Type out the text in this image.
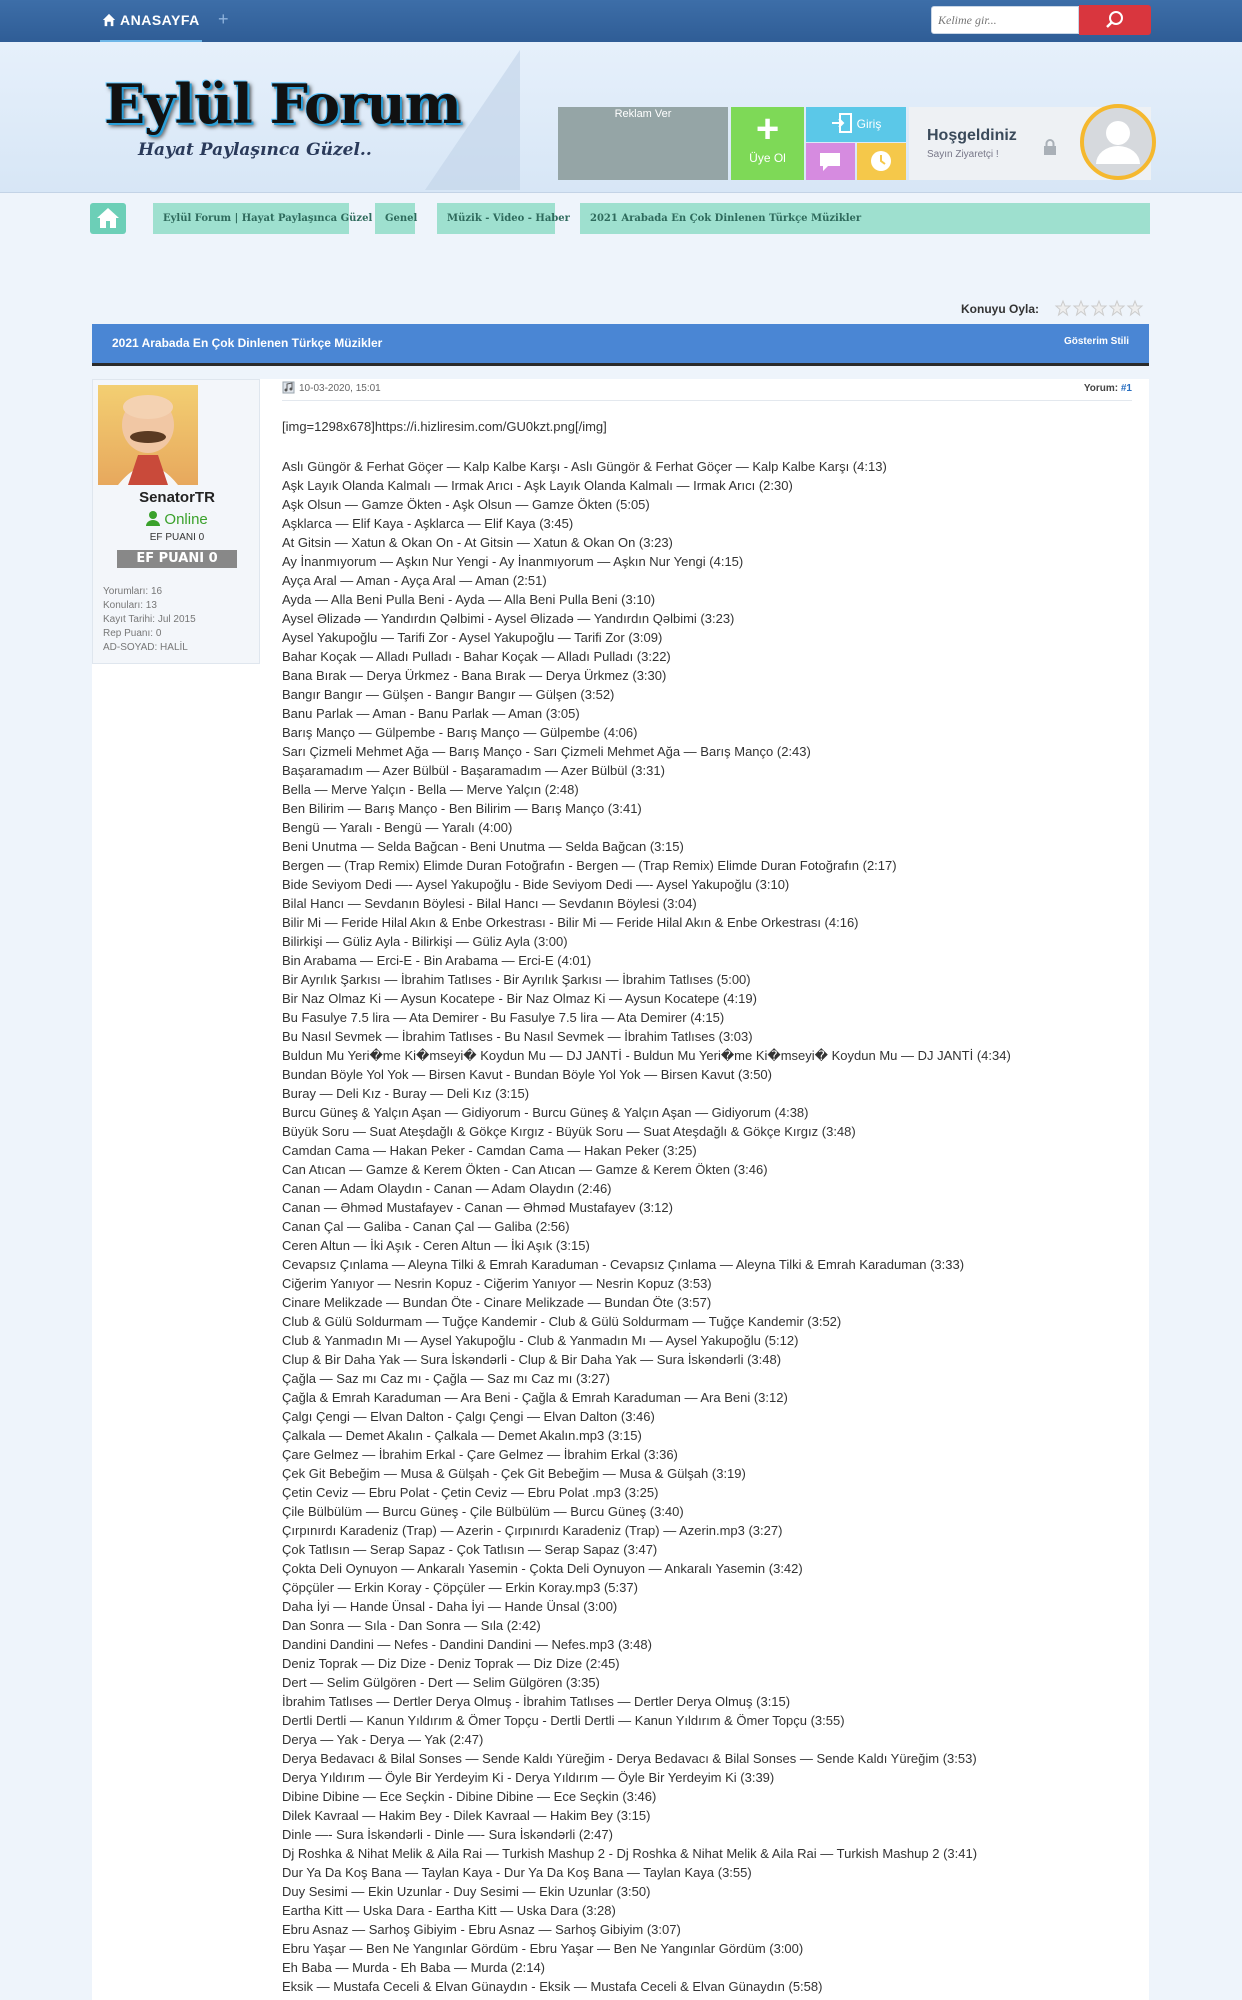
ANASAYFA +
Kelime gir...
Eylül Forum
Hayat Paylaşınca Güzel..
Reklam Ver	+
Üye Ol
Giriş
Hoşgeldiniz
Sayın Ziyaretçi !
Eylül Forum | Hayat Paylaşınca Güzel	Genel	Müzik - Video - Haber	2021 Arabada En Çok Dinlenen Türkçe Müzikler
Konuyu Oyla:
2021 Arabada En Çok Dinlenen Türkçe Müzikler	Gösterim Stili
SenatorTR
Online
EF PUANI 0
EF PUANI 0
Yorumları: 16
Konuları: 13
Kayıt Tarihi: Jul 2015
Rep Puanı: 0
AD-SOYAD: HALİL
10-03-2020, 15:01	Yorum: #1
[img=1298x678]https://i.hizliresim.com/GU0kzt.png[/img]
Aslı Güngör & Ferhat Göçer — Kalp Kalbe Karşı - Aslı Güngör & Ferhat Göçer — Kalp Kalbe Karşı (4:13)
Aşk Layık Olanda Kalmalı — Irmak Arıcı - Aşk Layık Olanda Kalmalı — Irmak Arıcı (2:30)
Aşk Olsun — Gamze Ökten - Aşk Olsun — Gamze Ökten (5:05)
Aşklarca — Elif Kaya - Aşklarca — Elif Kaya (3:45)
At Gitsin — Xatun & Okan On - At Gitsin — Xatun & Okan On (3:23)
Ay İnanmıyorum — Aşkın Nur Yengi - Ay İnanmıyorum — Aşkın Nur Yengi (4:15)
Ayça Aral — Aman - Ayça Aral — Aman (2:51)
Ayda — Alla Beni Pulla Beni - Ayda — Alla Beni Pulla Beni (3:10)
Aysel Əlizadə — Yandırdın Qəlbimi - Aysel Əlizadə — Yandırdın Qəlbimi (3:23)
Aysel Yakupoğlu — Tarifi Zor - Aysel Yakupoğlu — Tarifi Zor (3:09)
Bahar Koçak — Alladı Pulladı - Bahar Koçak — Alladı Pulladı (3:22)
Bana Bırak — Derya Ürkmez - Bana Bırak — Derya Ürkmez (3:30)
Bangır Bangır — Gülşen - Bangır Bangır — Gülşen (3:52)
Banu Parlak — Aman - Banu Parlak — Aman (3:05)
Barış Manço — Gülpembe - Barış Manço — Gülpembe (4:06)
Sarı Çizmeli Mehmet Ağa — Barış Manço - Sarı Çizmeli Mehmet Ağa — Barış Manço (2:43)
Başaramadım — Azer Bülbül - Başaramadım — Azer Bülbül (3:31)
Bella — Merve Yalçın - Bella — Merve Yalçın (2:48)
Ben Bilirim — Barış Manço - Ben Bilirim — Barış Manço (3:41)
Bengü — Yaralı - Bengü — Yaralı (4:00)
Beni Unutma — Selda Bağcan - Beni Unutma — Selda Bağcan (3:15)
Bergen — (Trap Remix) Elimde Duran Fotoğrafın - Bergen — (Trap Remix) Elimde Duran Fotoğrafın (2:17)
Bide Seviyom Dedi —- Aysel Yakupoğlu - Bide Seviyom Dedi —- Aysel Yakupoğlu (3:10)
Bilal Hancı — Sevdanın Böylesi - Bilal Hancı — Sevdanın Böylesi (3:04)
Bilir Mi — Feride Hilal Akın & Enbe Orkestrası - Bilir Mi — Feride Hilal Akın & Enbe Orkestrası (4:16)
Bilirkişi — Güliz Ayla - Bilirkişi — Güliz Ayla (3:00)
Bin Arabama — Erci-E - Bin Arabama — Erci-E (4:01)
Bir Ayrılık Şarkısı — İbrahim Tatlıses - Bir Ayrılık Şarkısı — İbrahim Tatlıses (5:00)
Bir Naz Olmaz Ki — Aysun Kocatepe - Bir Naz Olmaz Ki — Aysun Kocatepe (4:19)
Bu Fasulye 7.5 lira — Ata Demirer - Bu Fasulye 7.5 lira — Ata Demirer (4:15)
Bu Nasıl Sevmek — İbrahim Tatlıses - Bu Nasıl Sevmek — İbrahim Tatlıses (3:03)
Buldun Mu Yeri�me Ki�mseyi� Koydun Mu — DJ JANTİ - Buldun Mu Yeri�me Ki�mseyi� Koydun Mu — DJ JANTİ (4:34)
Bundan Böyle Yol Yok — Birsen Kavut - Bundan Böyle Yol Yok — Birsen Kavut (3:50)
Buray — Deli Kız - Buray — Deli Kız (3:15)
Burcu Güneş & Yalçın Aşan — Gidiyorum - Burcu Güneş & Yalçın Aşan — Gidiyorum (4:38)
Büyük Soru — Suat Ateşdağlı & Gökçe Kırgız - Büyük Soru — Suat Ateşdağlı & Gökçe Kırgız (3:48)
Camdan Cama — Hakan Peker - Camdan Cama — Hakan Peker (3:25)
Can Atıcan — Gamze & Kerem Ökten - Can Atıcan — Gamze & Kerem Ökten (3:46)
Canan — Adam Olaydın - Canan — Adam Olaydın (2:46)
Canan — Əhməd Mustafayev - Canan — Əhməd Mustafayev (3:12)
Canan Çal — Galiba - Canan Çal — Galiba (2:56)
Ceren Altun — İki Aşık - Ceren Altun — İki Aşık (3:15)
Cevapsız Çınlama — Aleyna Tilki & Emrah Karaduman - Cevapsız Çınlama — Aleyna Tilki & Emrah Karaduman (3:33)
Ciğerim Yanıyor — Nesrin Kopuz - Ciğerim Yanıyor — Nesrin Kopuz (3:53)
Cinare Melikzade — Bundan Öte - Cinare Melikzade — Bundan Öte (3:57)
Club & Gülü Soldurmam — Tuğçe Kandemir - Club & Gülü Soldurmam — Tuğçe Kandemir (3:52)
Club & Yanmadın Mı — Aysel Yakupoğlu - Club & Yanmadın Mı — Aysel Yakupoğlu (5:12)
Clup & Bir Daha Yak — Sura İskəndərli - Clup & Bir Daha Yak — Sura İskəndərli (3:48)
Çağla — Saz mı Caz mı - Çağla — Saz mı Caz mı (3:27)
Çağla & Emrah Karaduman — Ara Beni - Çağla & Emrah Karaduman — Ara Beni (3:12)
Çalgı Çengi — Elvan Dalton - Çalgı Çengi — Elvan Dalton (3:46)
Çalkala — Demet Akalın - Çalkala — Demet Akalın.mp3 (3:15)
Çare Gelmez — İbrahim Erkal - Çare Gelmez — İbrahim Erkal (3:36)
Çek Git Bebeğim — Musa & Gülşah - Çek Git Bebeğim — Musa & Gülşah (3:19)
Çetin Ceviz — Ebru Polat - Çetin Ceviz — Ebru Polat .mp3 (3:25)
Çile Bülbülüm — Burcu Güneş - Çile Bülbülüm — Burcu Güneş (3:40)
Çırpınırdı Karadeniz (Trap) — Azerin - Çırpınırdı Karadeniz (Trap) — Azerin.mp3 (3:27)
Çok Tatlısın — Serap Sapaz - Çok Tatlısın — Serap Sapaz (3:47)
Çokta Deli Oynuyon — Ankaralı Yasemin - Çokta Deli Oynuyon — Ankaralı Yasemin (3:42)
Çöpçüler — Erkin Koray - Çöpçüler — Erkin Koray.mp3 (5:37)
Daha İyi — Hande Ünsal - Daha İyi — Hande Ünsal (3:00)
Dan Sonra — Sıla - Dan Sonra — Sıla (2:42)
Dandini Dandini — Nefes - Dandini Dandini — Nefes.mp3 (3:48)
Deniz Toprak — Diz Dize - Deniz Toprak — Diz Dize (2:45)
Dert — Selim Gülgören - Dert — Selim Gülgören (3:35)
İbrahim Tatlıses — Dertler Derya Olmuş - İbrahim Tatlıses — Dertler Derya Olmuş (3:15)
Dertli Dertli — Kanun Yıldırım & Ömer Topçu - Dertli Dertli — Kanun Yıldırım & Ömer Topçu (3:55)
Derya — Yak - Derya — Yak (2:47)
Derya Bedavacı & Bilal Sonses — Sende Kaldı Yüreğim - Derya Bedavacı & Bilal Sonses — Sende Kaldı Yüreğim (3:53)
Derya Yıldırım — Öyle Bir Yerdeyim Ki - Derya Yıldırım — Öyle Bir Yerdeyim Ki (3:39)
Dibine Dibine — Ece Seçkin - Dibine Dibine — Ece Seçkin (3:46)
Dilek Kavraal — Hakim Bey - Dilek Kavraal — Hakim Bey (3:15)
Dinle —- Sura İskəndərli - Dinle —- Sura İskəndərli (2:47)
Dj Roshka & Nihat Melik & Aila Rai — Turkish Mashup 2 - Dj Roshka & Nihat Melik & Aila Rai — Turkish Mashup 2 (3:41)
Dur Ya Da Koş Bana — Taylan Kaya - Dur Ya Da Koş Bana — Taylan Kaya (3:55)
Duy Sesimi — Ekin Uzunlar - Duy Sesimi — Ekin Uzunlar (3:50)
Eartha Kitt — Uska Dara - Eartha Kitt — Uska Dara (3:28)
Ebru Asnaz — Sarhoş Gibiyim - Ebru Asnaz — Sarhoş Gibiyim (3:07)
Ebru Yaşar — Ben Ne Yangınlar Gördüm - Ebru Yaşar — Ben Ne Yangınlar Gördüm (3:00)
Eh Baba — Murda - Eh Baba — Murda (2:14)
Eksik — Mustafa Ceceli & Elvan Günaydın - Eksik — Mustafa Ceceli & Elvan Günaydın (5:58)
